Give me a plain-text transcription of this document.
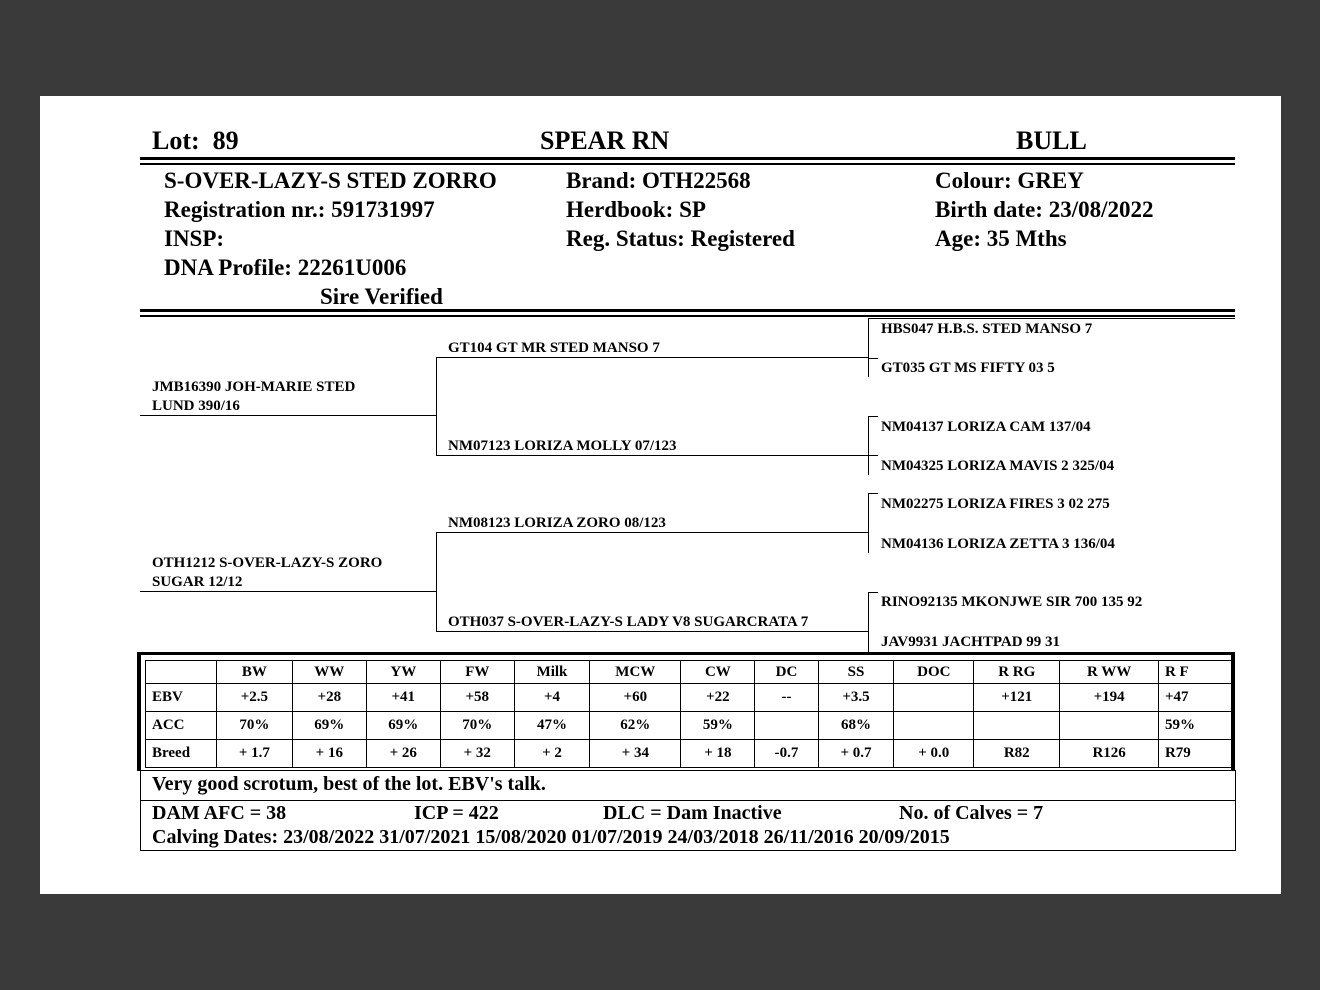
Lot: 89	SPEAR RN	BULL
S-OVER-LAZY-S STED ZORRO
Registration nr.: 591731997
INSP:
DNA Profile: 22261U006
Sire Verified
Brand: OTH22568
Herdbook: SP
Reg. Status: Registered
Colour: GREY
Birth date: 23/08/2022
Age: 35 Mths
JMB16390 JOH-MARIE STED
LUND 390/16
OTH1212 S-OVER-LAZY-S ZORO
SUGAR 12/12
GT104 GT MR STED MANSO 7
NM07123 LORIZA MOLLY 07/123
NM08123 LORIZA ZORO 08/123
OTH037 S-OVER-LAZY-S LADY V8 SUGARCRATA 7
HBS047 H.B.S. STED MANSO 7
GT035 GT MS FIFTY 03 5
NM04137 LORIZA CAM 137/04
NM04325 LORIZA MAVIS 2 325/04
NM02275 LORIZA FIRES 3 02 275
NM04136 LORIZA ZETTA 3 136/04
RINO92135 MKONJWE SIR 700 135 92
JAV9931 JACHTPAD 99 31
	BW	WW	YW	FW	Milk	MCW	CW	DC	SS	DOC	R RG	R WW	R F
EBV	+2.5	+28	+41	+58	+4	+60	+22	--	+3.5		+121	+194	+47
ACC	70%	69%	69%	70%	47%	62%	59%		68%				59%
Breed	+ 1.7	+ 16	+ 26	+ 32	+ 2	+ 34	+ 18	-0.7	+ 0.7	+ 0.0	R82	R126	R79
Very good scrotum, best of the lot. EBV's talk.
DAM AFC = 38	ICP = 422	DLC = Dam Inactive	No. of Calves = 7
Calving Dates: 23/08/2022 31/07/2021 15/08/2020 01/07/2019 24/03/2018 26/11/2016 20/09/2015
